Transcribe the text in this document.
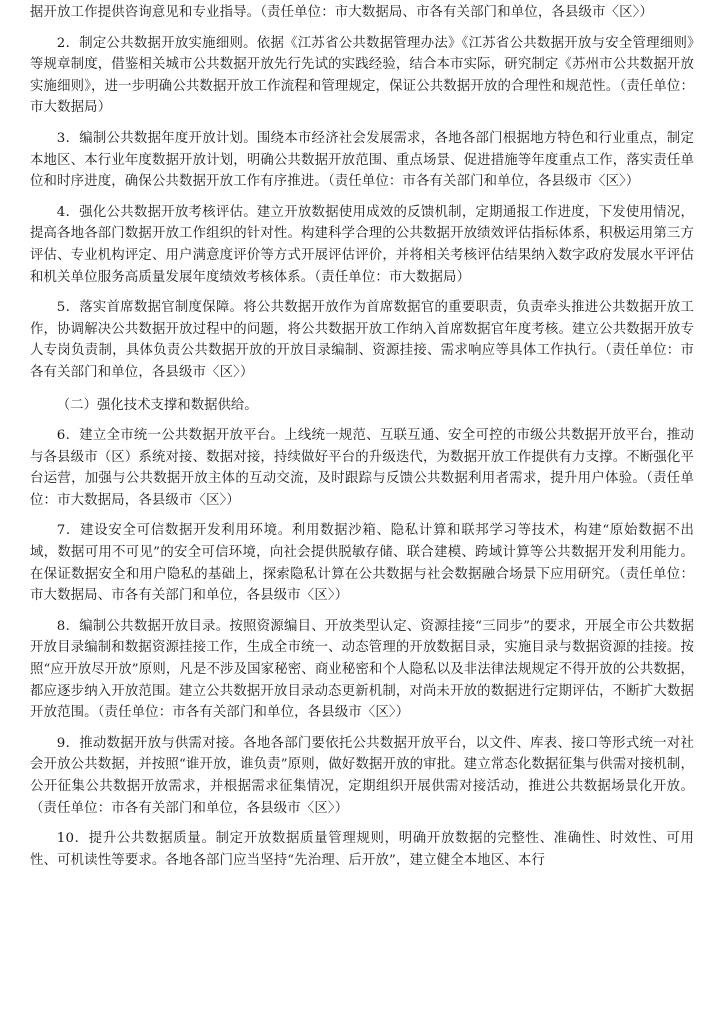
据开放工作提供咨询意见和专业指导。（责任单位：市大数据局、市各有关部门和单位，各县级市〈区〉）

2．制定公共数据开放实施细则。依据《江苏省公共数据管理办法》《江苏省公共数据开放与安全管理细则》等规章制度，借鉴相关城市公共数据开放先行先试的实践经验，结合本市实际，研究制定《苏州市公共数据开放实施细则》，进一步明确公共数据开放工作流程和管理规定，保证公共数据开放的合理性和规范性。（责任单位：市大数据局）

3．编制公共数据年度开放计划。围绕本市经济社会发展需求，各地各部门根据地方特色和行业重点，制定本地区、本行业年度数据开放计划，明确公共数据开放范围、重点场景、促进措施等年度重点工作，落实责任单位和时序进度，确保公共数据开放工作有序推进。（责任单位：市各有关部门和单位，各县级市〈区〉）

4．强化公共数据开放考核评估。建立开放数据使用成效的反馈机制，定期通报工作进度，下发使用情况，提高各地各部门数据开放工作组织的针对性。构建科学合理的公共数据开放绩效评估指标体系，积极运用第三方评估、专业机构评定、用户满意度评价等方式开展评估评价，并将相关考核评估结果纳入数字政府发展水平评估和机关单位服务高质量发展年度绩效考核体系。（责任单位：市大数据局）

5．落实首席数据官制度保障。将公共数据开放作为首席数据官的重要职责，负责牵头推进公共数据开放工作，协调解决公共数据开放过程中的问题，将公共数据开放工作纳入首席数据官年度考核。建立公共数据开放专人专岗负责制，具体负责公共数据开放的开放目录编制、资源挂接、需求响应等具体工作执行。（责任单位：市各有关部门和单位，各县级市〈区〉）

（二）强化技术支撑和数据供给。

6．建立全市统一公共数据开放平台。上线统一规范、互联互通、安全可控的市级公共数据开放平台，推动与各县级市（区）系统对接、数据对接，持续做好平台的升级迭代，为数据开放工作提供有力支撑。不断强化平台运营，加强与公共数据开放主体的互动交流，及时跟踪与反馈公共数据利用者需求，提升用户体验。（责任单位：市大数据局，各县级市〈区〉）

7．建设安全可信数据开发利用环境。利用数据沙箱、隐私计算和联邦学习等技术，构建“原始数据不出域，数据可用不可见”的安全可信环境，向社会提供脱敏存储、联合建模、跨域计算等公共数据开发利用能力。在保证数据安全和用户隐私的基础上，探索隐私计算在公共数据与社会数据融合场景下应用研究。（责任单位：市大数据局、市各有关部门和单位，各县级市〈区〉）

8．编制公共数据开放目录。按照资源编目、开放类型认定、资源挂接“三同步”的要求，开展全市公共数据开放目录编制和数据资源挂接工作，生成全市统一、动态管理的开放数据目录，实施目录与数据资源的挂接。按照“应开放尽开放”原则，凡是不涉及国家秘密、商业秘密和个人隐私以及非法律法规规定不得开放的公共数据，都应逐步纳入开放范围。建立公共数据开放目录动态更新机制，对尚未开放的数据进行定期评估，不断扩大数据开放范围。（责任单位：市各有关部门和单位，各县级市〈区〉）

9．推动数据开放与供需对接。各地各部门要依托公共数据开放平台，以文件、库表、接口等形式统一对社会开放公共数据，并按照“谁开放，谁负责”原则，做好数据开放的审批。建立常态化数据征集与供需对接机制，公开征集公共数据开放需求，并根据需求征集情况，定期组织开展供需对接活动，推进公共数据场景化开放。（责任单位：市各有关部门和单位，各县级市〈区〉）

10．提升公共数据质量。制定开放数据质量管理规则，明确开放数据的完整性、准确性、时效性、可用性、可机读性等要求。各地各部门应当坚持“先治理、后开放”，建立健全本地区、本行
